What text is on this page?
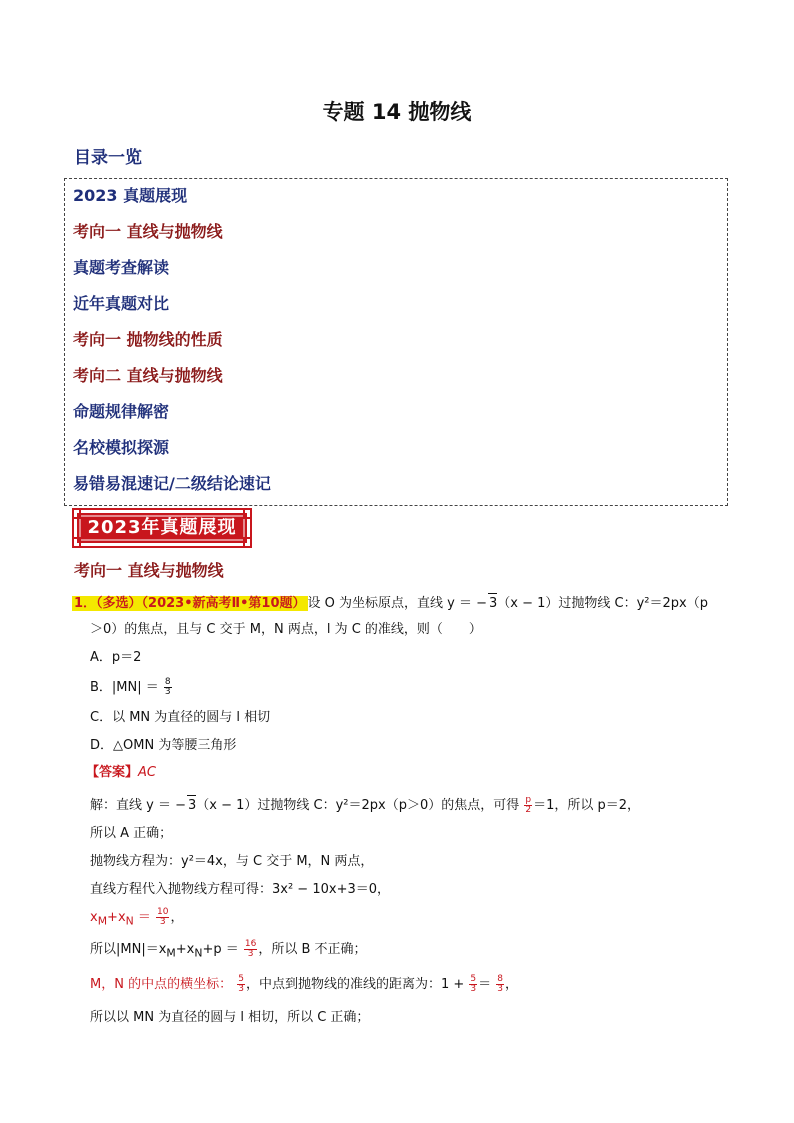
专题 14 抛物线
目录一览
2023 真题展现
考向一 直线与抛物线
真题考查解读
近年真题对比
考向一 抛物线的性质
考向二 直线与抛物线
命题规律解密
名校模拟探源
易错易混速记/二级结论速记
2023年真题展现
考向一 直线与抛物线
1．（多选）（2023•新高考Ⅱ•第10题） 设 O 为坐标原点，直线 y ＝ − 3（x − 1）过抛物线 C：y²＝2px（p
＞0）的焦点，且与 C 交于 M，N 两点，l 为 C 的准线，则（　　）
A．p＝2
B．$|MN| = \frac{8}{3}$
C．以 MN 为直径的圆与 l 相切
D．△OMN 为等腰三角形
【答案】AC
解：直线 y ＝ − 3（x − 1）过抛物线 C：y²＝2px（p＞0）的焦点，可得 $\frac{p}{2} =1$，所以 p＝2，
所以 A 正确；
抛物线方程为：y²＝4x，与 C 交于 M，N 两点，
直线方程代入抛物线方程可得：3x² − 10x+3＝0，
$x_M+x_N = \frac{10}{3}$ ，
所以$|MN|=x_M+x_N+p = \frac{16}{3}$ ，所以 B 不正确；
M，N 的中点的横坐标： $\frac{5}{3}$ ，中点到抛物线的准线的距离为：$1 + \frac{5}{3} = \frac{8}{3}$ ，
所以以 MN 为直径的圆与 l 相切，所以 C 正确；
